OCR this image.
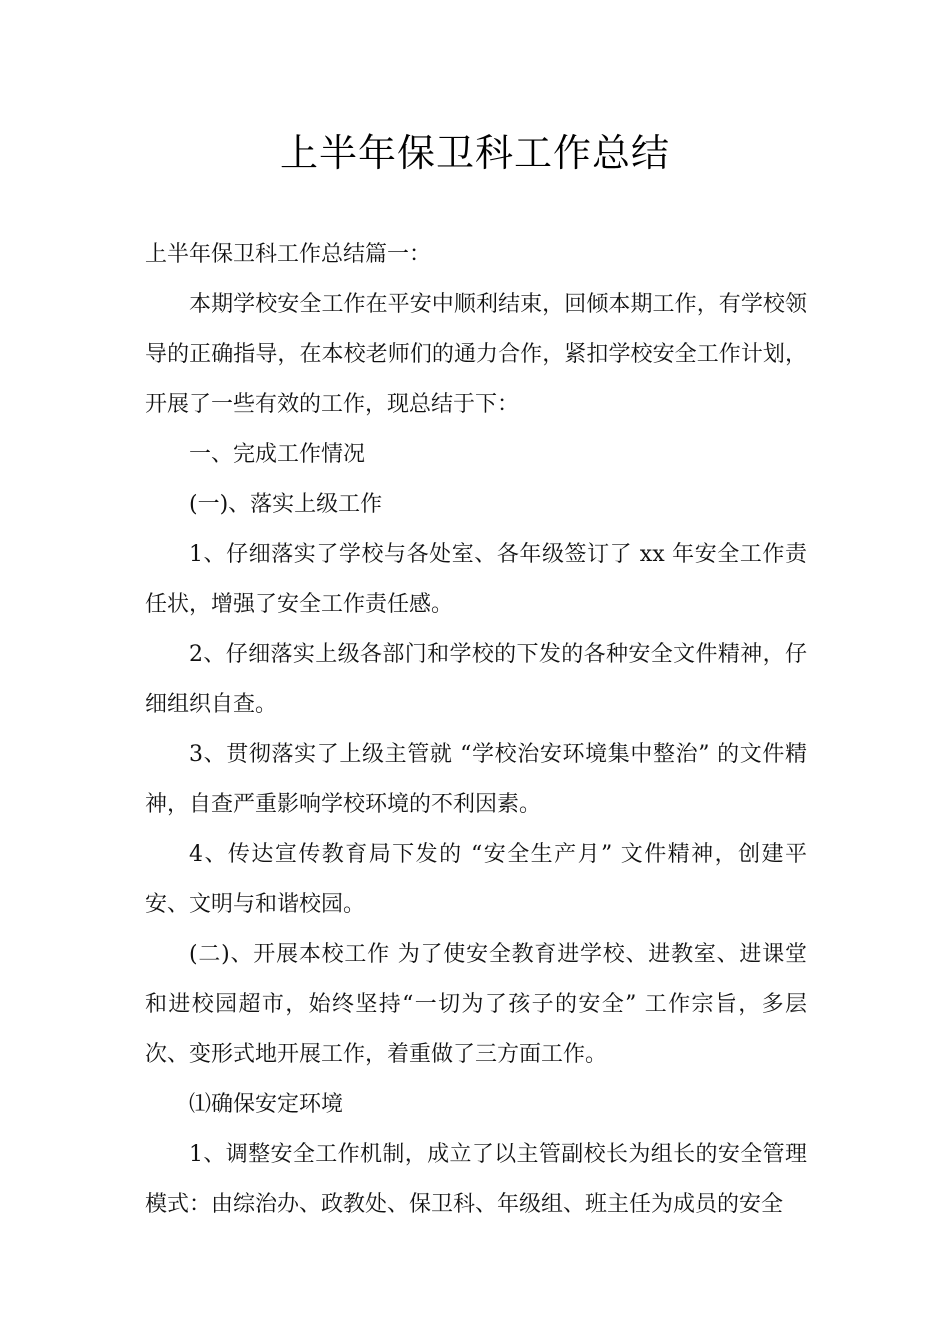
上半年保卫科工作总结

上半年保卫科工作总结篇一：

本期学校安全工作在平安中顺利结束，回倾本期工作，有学校领导的正确指导，在本校老师们的通力合作，紧扣学校安全工作计划，开展了一些有效的工作，现总结于下：

一、完成工作情况

(一)、落实上级工作

1、仔细落实了学校与各处室、各年级签订了 xx 年安全工作责任状，增强了安全工作责任感。

2、仔细落实上级各部门和学校的下发的各种安全文件精神，仔细组织自查。

3、贯彻落实了上级主管就 “学校治安环境集中整治” 的文件精神，自查严重影响学校环境的不利因素。

4、传达宣传教育局下发的 “安全生产月” 文件精神，创建平安、文明与和谐校园。

(二)、开展本校工作 为了使安全教育进学校、进教室、进课堂和进校园超市，始终坚持“一切为了孩子的安全” 工作宗旨，多层次、变形式地开展工作，着重做了三方面工作。

⑴确保安定环境

1、调整安全工作机制，成立了以主管副校长为组长的安全管理模式：由综治办、政教处、保卫科、年级组、班主任为成员的安全
